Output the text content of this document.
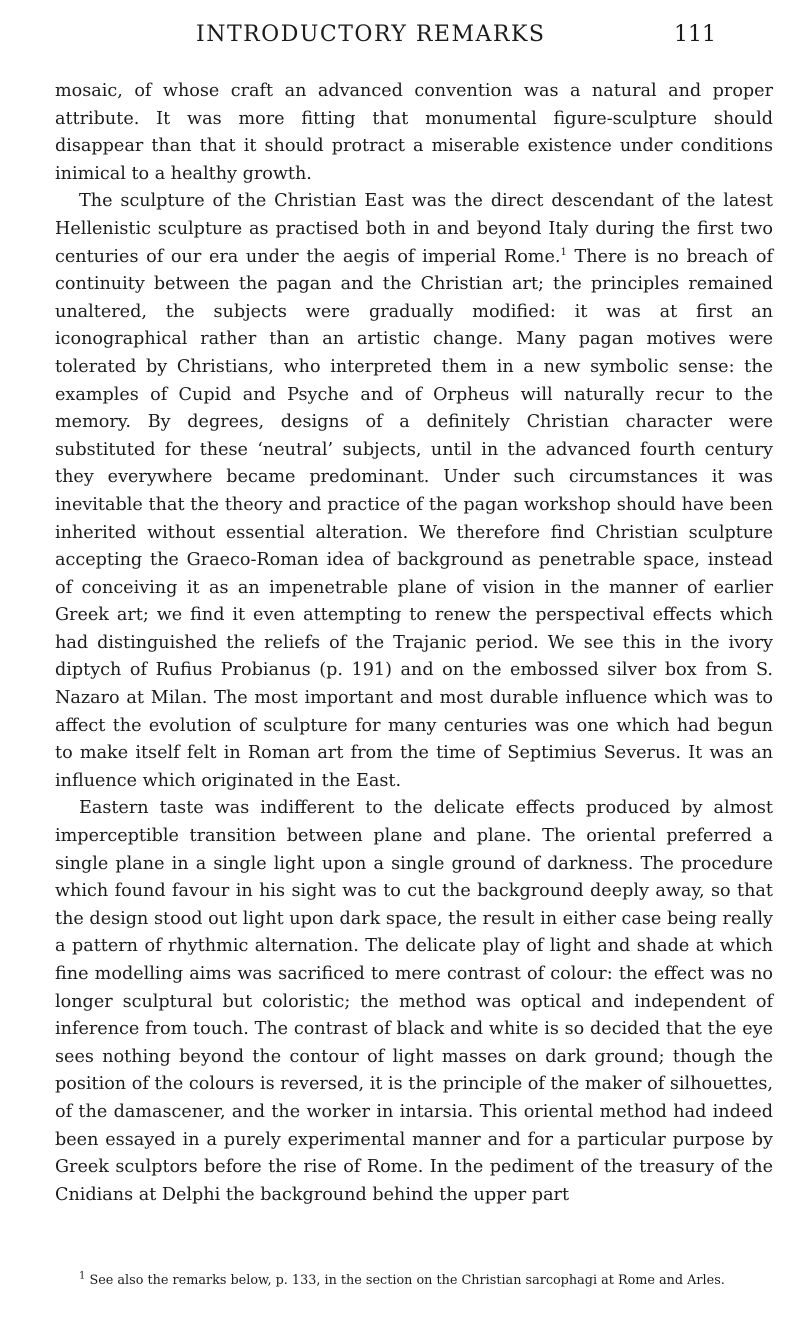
INTRODUCTORY REMARKS	111

mosaic, of whose craft an advanced convention was a natural and proper attribute. It was more fitting that monumental figure-sculpture should disappear than that it should protract a miserable existence under conditions inimical to a healthy growth.

The sculpture of the Christian East was the direct descendant of the latest Hellenistic sculpture as practised both in and beyond Italy during the first two centuries of our era under the aegis of imperial Rome.$^1$ There is no breach of continuity between the pagan and the Christian art; the principles remained unaltered, the subjects were gradually modified: it was at first an iconographical rather than an artistic change. Many pagan motives were tolerated by Christians, who interpreted them in a new symbolic sense: the examples of Cupid and Psyche and of Orpheus will naturally recur to the memory. By degrees, designs of a definitely Christian character were substituted for these ‘neutral’ subjects, until in the advanced fourth century they everywhere became predominant. Under such circumstances it was inevitable that the theory and practice of the pagan workshop should have been inherited without essential alteration. We therefore find Christian sculpture accepting the Graeco-Roman idea of background as penetrable space, instead of conceiving it as an impenetrable plane of vision in the manner of earlier Greek art; we find it even attempting to renew the perspectival effects which had distinguished the reliefs of the Trajanic period. We see this in the ivory diptych of Rufius Probianus (p. 191) and on the embossed silver box from S. Nazaro at Milan. The most important and most durable influence which was to affect the evolution of sculpture for many centuries was one which had begun to make itself felt in Roman art from the time of Septimius Severus. It was an influence which originated in the East.

Eastern taste was indifferent to the delicate effects produced by almost imperceptible transition between plane and plane. The oriental preferred a single plane in a single light upon a single ground of darkness. The procedure which found favour in his sight was to cut the background deeply away, so that the design stood out light upon dark space, the result in either case being really a pattern of rhythmic alternation. The delicate play of light and shade at which fine modelling aims was sacrificed to mere contrast of colour: the effect was no longer sculptural but coloristic; the method was optical and independent of inference from touch. The contrast of black and white is so decided that the eye sees nothing beyond the contour of light masses on dark ground; though the position of the colours is reversed, it is the principle of the maker of silhouettes, of the damascener, and the worker in intarsia. This oriental method had indeed been essayed in a purely experimental manner and for a particular purpose by Greek sculptors before the rise of Rome. In the pediment of the treasury of the Cnidians at Delphi the background behind the upper part

$^1$ See also the remarks below, p. 133, in the section on the Christian sarcophagi at Rome and Arles.
